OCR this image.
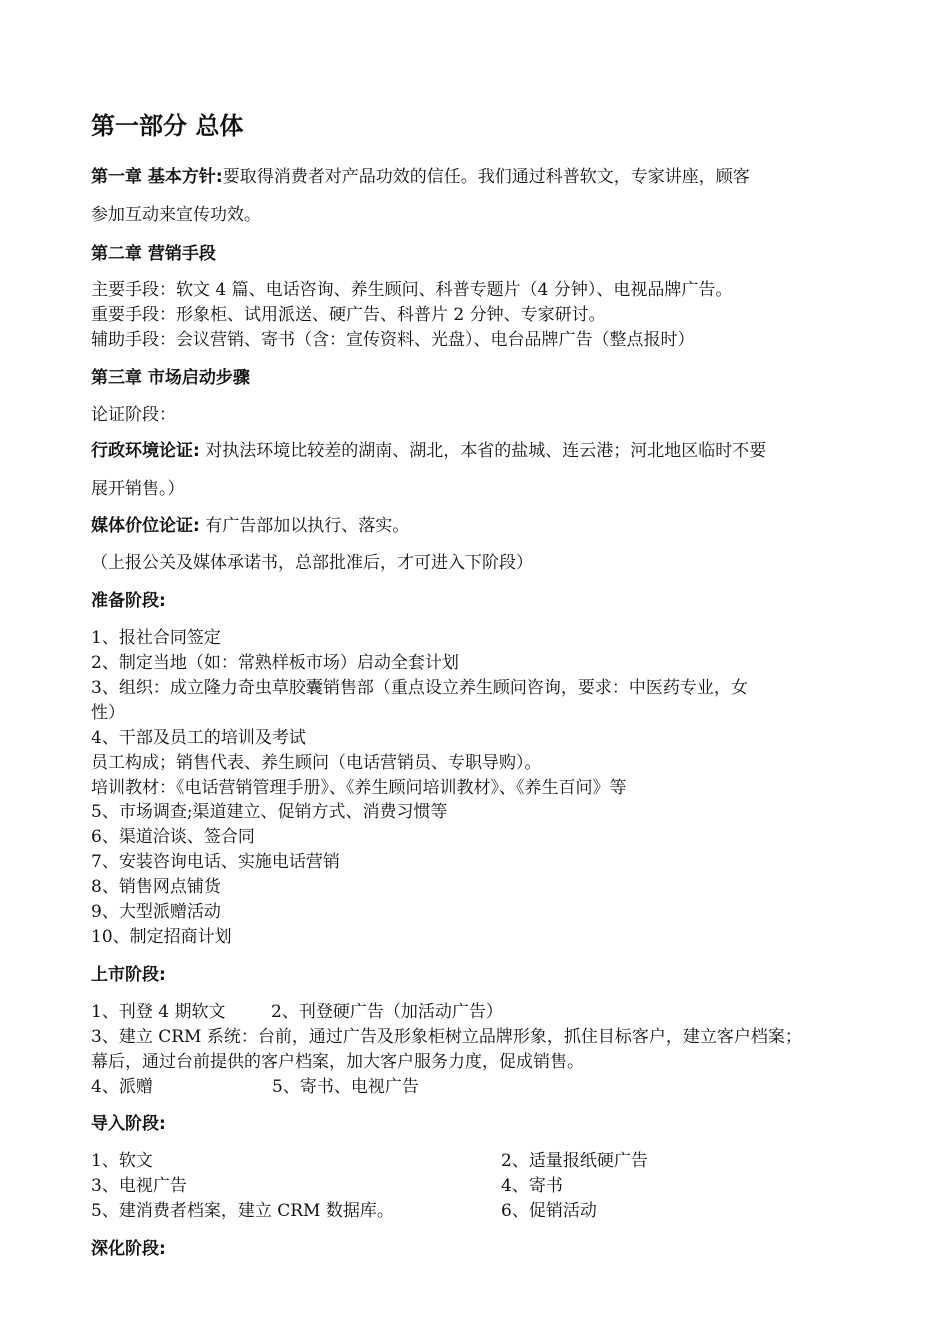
第一部分 总体
第一章 基本方针:要取得消费者对产品功效的信任。我们通过科普软文，专家讲座，顾客
参加互动来宣传功效。
第二章 营销手段
主要手段：软文 4 篇、电话咨询、养生顾问、科普专题片（4 分钟）、电视品牌广告。
重要手段：形象柜、试用派送、硬广告、科普片 2 分钟、专家研讨。
辅助手段：会议营销、寄书（含：宣传资料、光盘）、电台品牌广告（整点报时）
第三章 市场启动步骤
论证阶段：
行政环境论证: 对执法环境比较差的湖南、湖北，本省的盐城、连云港；河北地区临时不要
展开销售。）
媒体价位论证: 有广告部加以执行、落实。
（上报公关及媒体承诺书，总部批准后，才可进入下阶段）
准备阶段:
1、报社合同签定
2、制定当地（如：常熟样板市场）启动全套计划
3、组织：成立隆力奇虫草胶囊销售部（重点设立养生顾问咨询，要求：中医药专业，女
性）
4、干部及员工的培训及考试
员工构成；销售代表、养生顾问（电话营销员、专职导购）。
培训教材：《电话营销管理手册》、《养生顾问培训教材》、《养生百问》等
5、市场调查;渠道建立、促销方式、消费习惯等
6、渠道洽谈、签合同
7、安装咨询电话、实施电话营销
8、销售网点铺货
9、大型派赠活动
10、制定招商计划
上市阶段:
1、刊登 4 期软文	2、刊登硬广告（加活动广告）
3、建立 CRM 系统：台前，通过广告及形象柜树立品牌形象，抓住目标客户，建立客户档案；
幕后，通过台前提供的客户档案，加大客户服务力度，促成销售。
4、派赠	5、寄书、电视广告
导入阶段:
1、软文	2、适量报纸硬广告
3、电视广告	4、寄书
5、建消费者档案，建立 CRM 数据库。	6、促销活动
深化阶段:
